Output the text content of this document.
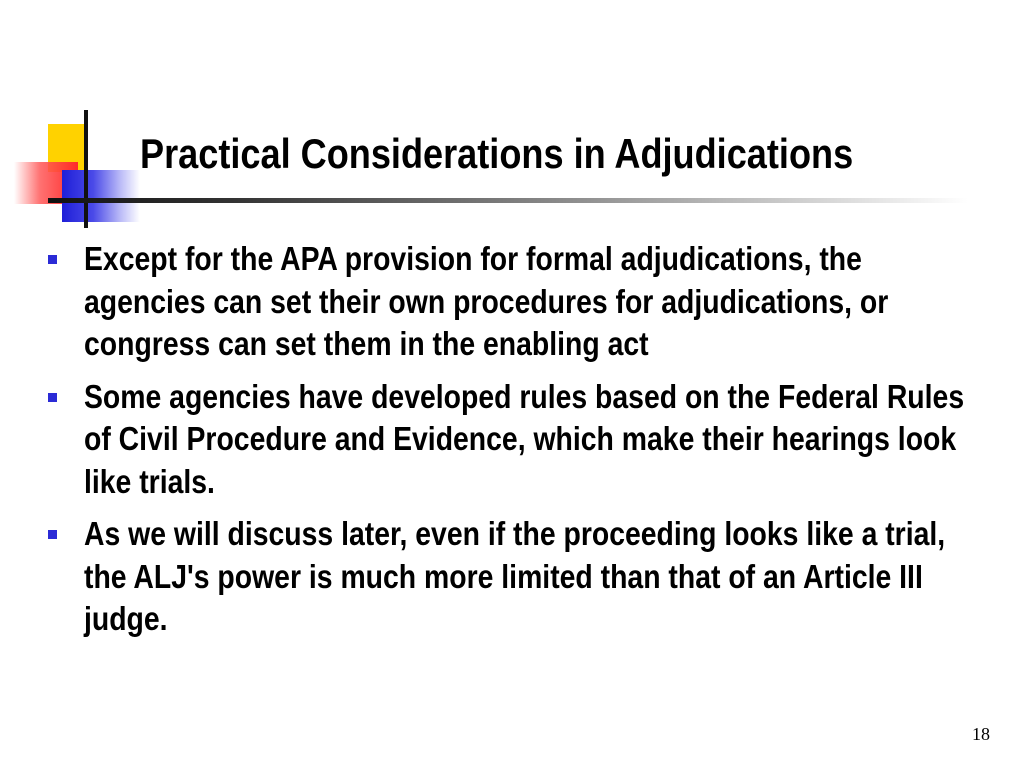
Practical Considerations in Adjudications
Except for the APA provision for formal adjudications, the agencies can set their own procedures for adjudications, or congress can set them in the enabling act
Some agencies have developed rules based on the Federal Rules of Civil Procedure and Evidence, which make their hearings look like trials.
As we will discuss later, even if the proceeding looks like a trial, the ALJ's power is much more limited than that of an Article III judge.
18
